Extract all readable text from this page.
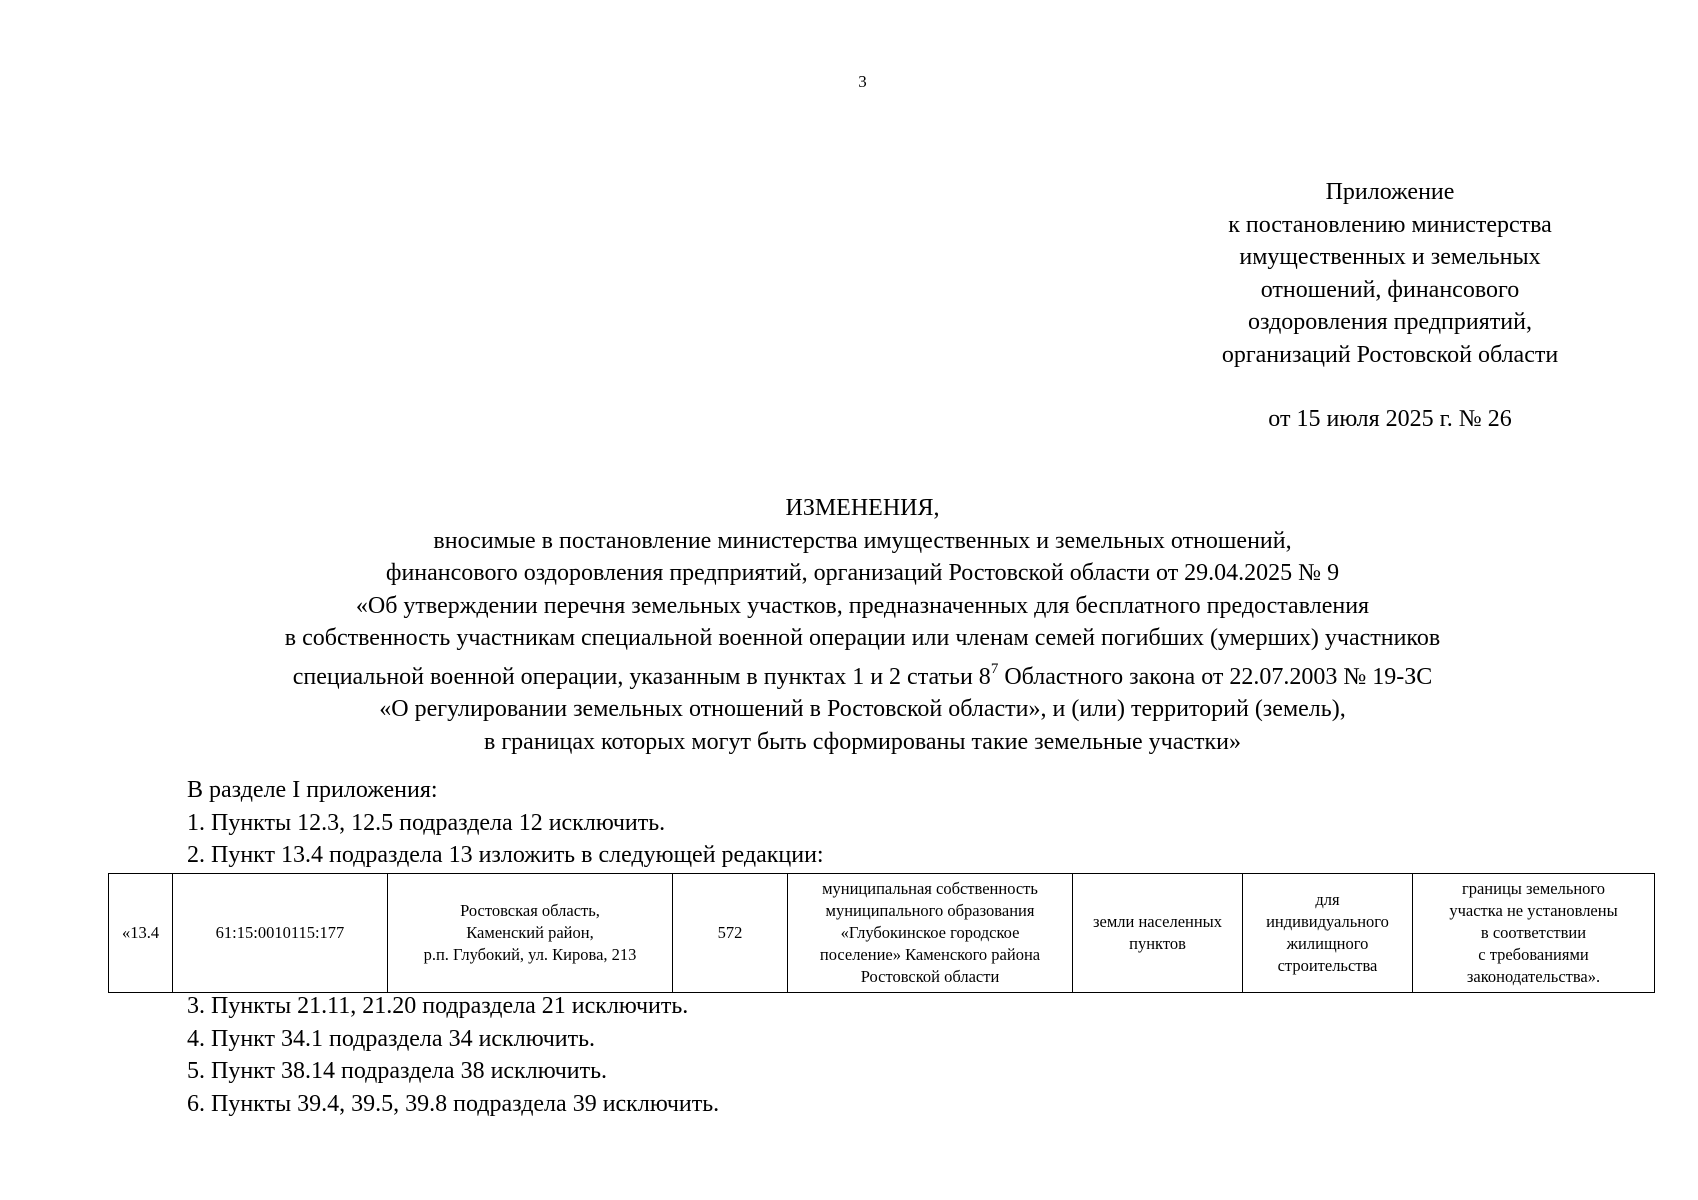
3
Приложение
к постановлению министерства
имущественных и земельных
отношений, финансового
оздоровления предприятий,
организаций Ростовской области
от 15 июля 2025 г. № 26
ИЗМЕНЕНИЯ,
вносимые в постановление министерства имущественных и земельных отношений,
финансового оздоровления предприятий, организаций Ростовской области от 29.04.2025 № 9
«Об утверждении перечня земельных участков, предназначенных для бесплатного предоставления
в собственность участникам специальной военной операции или членам семей погибших (умерших) участников
специальной военной операции, указанным в пунктах 1 и 2 статьи $8^7$ Областного закона от 22.07.2003 № 19-ЗС
«О регулировании земельных отношений в Ростовской области», и (или) территорий (земель),
в границах которых могут быть сформированы такие земельные участки»
В разделе I приложения:
1. Пункты 12.3, 12.5 подраздела 12 исключить.
2. Пункт 13.4 подраздела 13 изложить в следующей редакции:
«13.4	61:15:0010115:177	Ростовская область,
Каменский район,
р.п. Глубокий, ул. Кирова, 213	572	муниципальная собственность
муниципального образования
«Глубокинское городское
поселение» Каменского района
Ростовской области	земли населенных
пунктов	для
индивидуального
жилищного
строительства	границы земельного
участка не установлены
в соответствии
с требованиями
законодательства».
3. Пункты 21.11, 21.20 подраздела 21 исключить.
4. Пункт 34.1 подраздела 34 исключить.
5. Пункт 38.14 подраздела 38 исключить.
6. Пункты 39.4, 39.5, 39.8 подраздела 39 исключить.
